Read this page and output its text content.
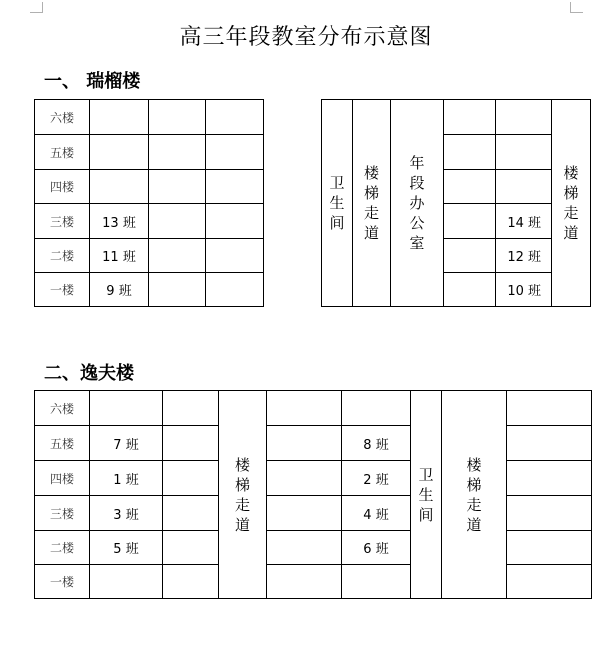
高三年段教室分布示意图
一、 瑞榴楼
二、逸夫楼
六楼
五楼
四楼
三楼
二楼
一楼
卫
生
间
楼
梯
走
道
年
段
办
公
室
楼
梯
走
道
13 班
11 班
9 班
14 班
12 班
10 班
六楼
五楼
四楼
三楼
二楼
一楼
楼
梯
走
道
卫
生
间
楼
梯
走
道
7 班
1 班
3 班
5 班
8 班
2 班
4 班
6 班
